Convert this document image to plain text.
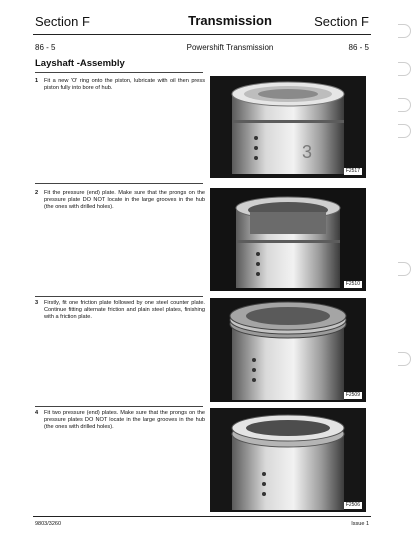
Section F	Transmission	Section F
86 - 5	Powershift Transmission	86 - 5
Layshaft -Assembly
1 Fit a new 'O' ring onto the piston, lubricate with oil then press piston fully into bore of hub.
3
F2517
2 Fit the pressure (end) plate. Make sure that the prongs on the pressure plate DO NOT locate in the large grooves in the hub (the ones with drilled holes).
F2510
3 Firstly, fit one friction plate followed by one steel counter plate. Continue fitting alternate friction and plain steel plates, finishing with a friction plate.
F2509
4 Fit two pressure (end) plates. Make sure that the prongs on the pressure plates DO NOT locate in the large grooves in the hub (the ones with drilled holes).
F2506
9803/3260	Issue 1
